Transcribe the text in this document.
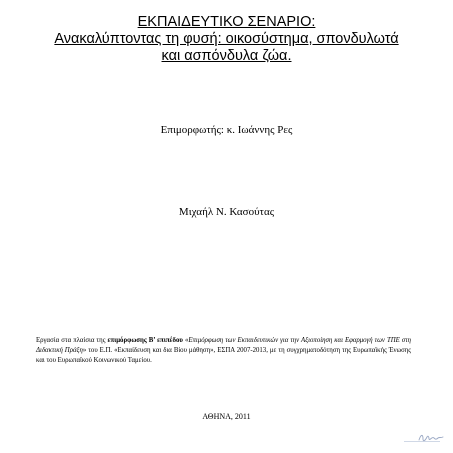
ΕΚΠΑΙΔΕΥΤΙΚΟ ΣΕΝΑΡΙΟ:
Ανακαλύπτοντας τη φυσή: οικοσύστημα, σπονδυλωτά
και ασπόνδυλα ζώα.
Επιμορφωτής: κ. Ιωάννης Ρες
Μιχαήλ Ν. Κασούτας
Εργασία στα πλαίσια της επιμόρφωσης Β’ επιπέδου «Επιμόρφωση των Εκπαιδευτικών για την Αξιοποίηση και Εφαρμογή των ΤΠΕ στη Διδακτική Πράξη» του Ε.Π. «Εκπαίδευση και δια Βίου μάθηση», ΕΣΠΑ 2007-2013, με τη συγχρηματοδότηση της Ευρωπαϊκής Ένωσης και του Ευρωπαϊκού Κοινωνικού Ταμείου.
ΑΘΗΝΑ, 2011
